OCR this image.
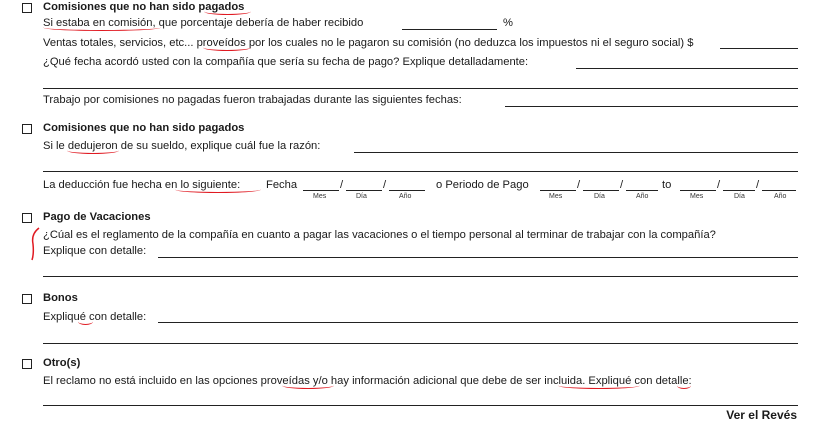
Comisiones que no han sido pagados
Si estaba en comisión, que porcentaje debería de haber recibido	%
Ventas totales, servicios, etc... proveídos por los cuales no le pagaron su comisión (no deduzca los impuestos ni el seguro social) $
¿Qué fecha acordó usted con la compañía que sería su fecha de pago? Explique detalladamente:
Trabajo por comisiones no pagadas fueron trabajadas durante las siguientes fechas:
Comisiones que no han sido pagados
Si le dedujeron de su sueldo, explique cuál fue la razón:
La deducción fue hecha en lo siguiente: Fecha	/	/
Mes	Día	Año
o Periodo de Pago	/	/
Mes	Día	Año
to	/	/
Mes	Día	Año
Pago de Vacaciones
¿Cúal es el reglamento de la compañía en cuanto a pagar las vacaciones o el tiempo personal al terminar de trabajar con la compañía?
Explique con detalle:
Bonos
Expliqué con detalle:
Otro(s)
El reclamo no está incluido en las opciones proveídas y/o hay información adicional que debe de ser incluida. Expliqué con detalle:
Ver el Revés
